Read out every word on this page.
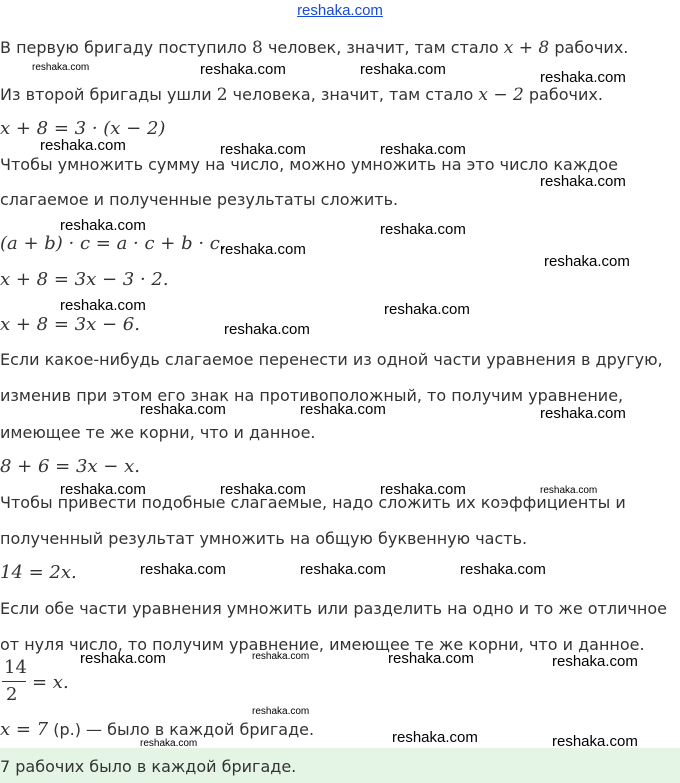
reshaka.com
В первую бригаду поступило 8 человек, значит, там стало x + 8 рабочих.
Из второй бригады ушли 2 человека, значит, там стало x − 2 рабочих.
x + 8 = 3 · (x − 2)
Чтобы умножить сумму на число, можно умножить на это число каждое
слагаемое и полученные результаты сложить.
(a + b) · c = a · c + b · c.
x + 8 = 3x − 3 · 2.
x + 8 = 3x − 6.
Если какое-нибудь слагаемое перенести из одной части уравнения в другую,
изменив при этом его знак на противоположный, то получим уравнение,
имеющее те же корни, что и данное.
8 + 6 = 3x − x.
Чтобы привести подобные слагаемые, надо сложить их коэффициенты и
полученный результат умножить на общую буквенную часть.
14 = 2x.
Если обе части уравнения умножить или разделить на одно и то же отличное
от нуля число, то получим уравнение, имеющее те же корни, что и данное.
14
2
= x.
x = 7 (р.) — было в каждой бригаде.
7 рабочих было в каждой бригаде.
reshaka.com	reshaka.com	reshaka.com	reshaka.com
reshaka.com	reshaka.com	reshaka.com
reshaka.com
reshaka.com	reshaka.com
reshaka.com
reshaka.com
reshaka.com	reshaka.com
reshaka.com
reshaka.com	reshaka.com	reshaka.com
reshaka.com	reshaka.com	reshaka.com	reshaka.com
reshaka.com	reshaka.com	reshaka.com
reshaka.com	reshaka.com	reshaka.com	reshaka.com
reshaka.com
reshaka.com
reshaka.com	reshaka.com
